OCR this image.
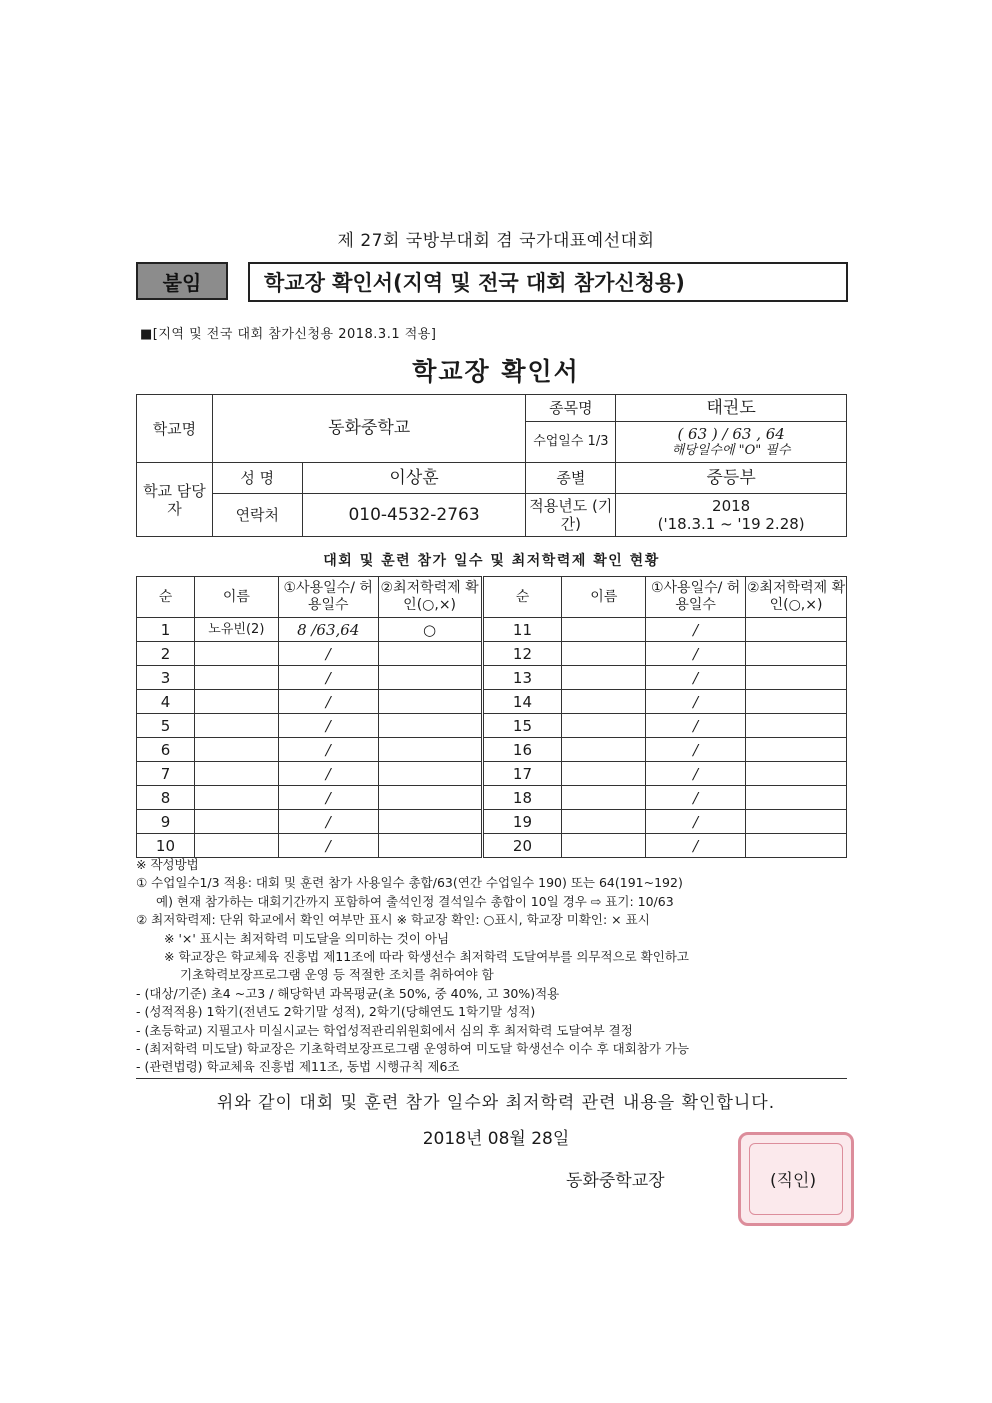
제 27회 국방부대회 겸 국가대표예선대회
붙임	학교장 확인서(지역 및 전국 대회 참가신청용)
■[지역 및 전국 대회 참가신청용 2018.3.1 적용]
학교장 확인서
학교명	동화중학교		종목명	태권도
			수업일수 1/3	( 63 ) / 63 , 64
해당일수에 "O" 필수

학교 담당자	성 명	이상훈	종별	중등부
	연락처	010-4532-2763	적용년도 (기간)	2018
('18.3.1 ~ '19 2.28)
대회 및 훈련 참가 일수 및 최저학력제 확인 현황
순	이름	①사용일수/ 허용일수	②최저학력제 확인(○,×)	순	이름	①사용일수/ 허용일수	②최저학력제 확인(○,×)
1	노유빈(2)	8 /63,64	○	11		/	
2		/		12		/	
3		/		13		/	
4		/		14		/	
5		/		15		/	
6		/		16		/	
7		/		17		/	
8		/		18		/	
9		/		19		/	
10		/		20		/	
※ 작성방법
① 수업일수1/3 적용: 대회 및 훈련 참가 사용일수 총합/63(연간 수업일수 190) 또는 64(191~192)
예) 현재 참가하는 대회기간까지 포함하여 출석인정 결석일수 총합이 10일 경우 ⇨ 표기: 10/63
② 최저학력제: 단위 학교에서 확인 여부만 표시 ※ 학교장 확인: ○표시, 학교장 미확인: × 표시
※ '×' 표시는 최저학력 미도달을 의미하는 것이 아님
※ 학교장은 학교체육 진흥법 제11조에 따라 학생선수 최저학력 도달여부를 의무적으로 확인하고
기초학력보장프로그램 운영 등 적절한 조치를 취하여야 함
- (대상/기준) 초4 ~고3 / 해당학년 과목평균(초 50%, 중 40%, 고 30%)적용
- (성적적용) 1학기(전년도 2학기말 성적), 2학기(당해연도 1학기말 성적)
- (초등학교) 지필고사 미실시교는 학업성적관리위원회에서 심의 후 최저학력 도달여부 결정
- (최저학력 미도달) 학교장은 기초학력보장프로그램 운영하여 미도달 학생선수 이수 후 대회참가 가능
- (관련법령) 학교체육 진흥법 제11조, 동법 시행규칙 제6조
위와 같이 대회 및 훈련 참가 일수와 최저학력 관련 내용을 확인합니다.
2018년 08월 28일
동화중학교장	(직인)
